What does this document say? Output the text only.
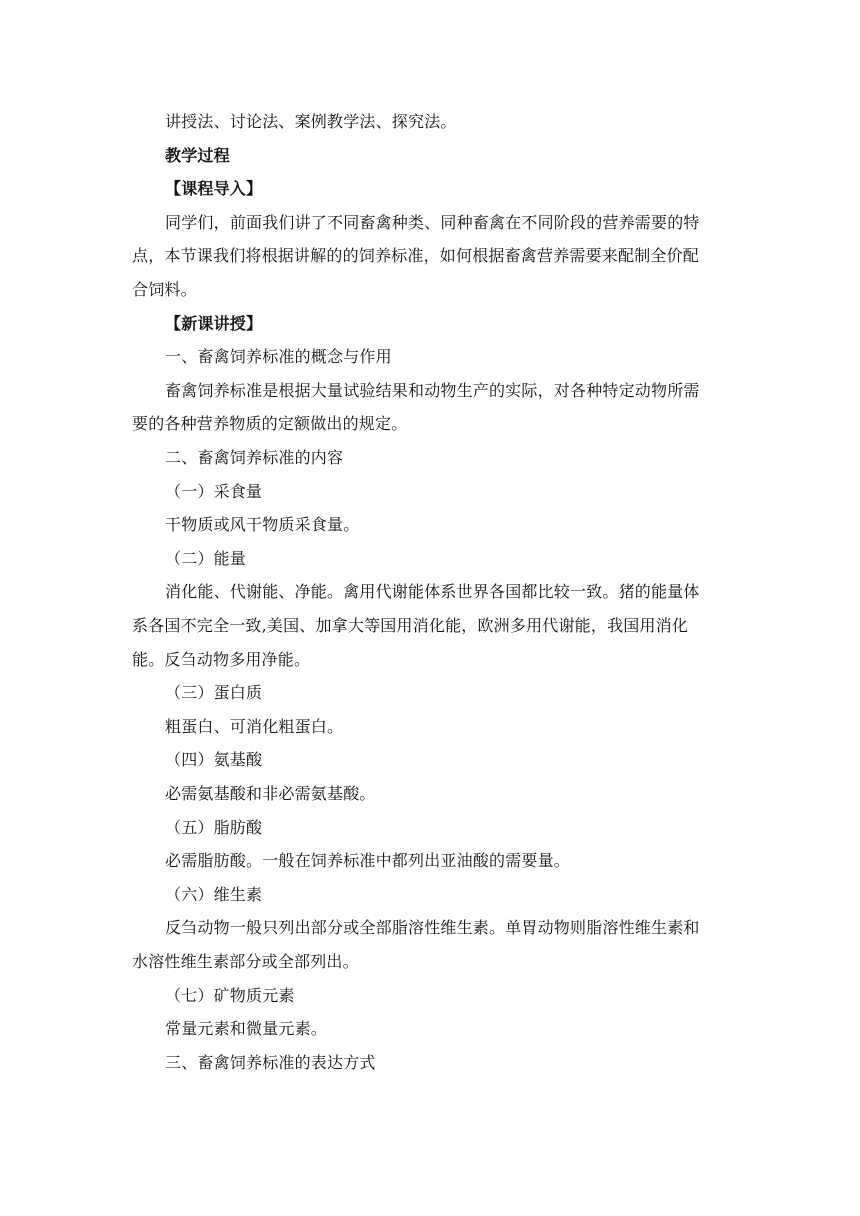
讲授法、讨论法、案例教学法、探究法。
教学过程
【课程导入】
同学们，前面我们讲了不同畜禽种类、同种畜禽在不同阶段的营养需要的特
点，本节课我们将根据讲解的的饲养标准，如何根据畜禽营养需要来配制全价配
合饲料。
【新课讲授】
一、畜禽饲养标准的概念与作用
畜禽饲养标准是根据大量试验结果和动物生产的实际，对各种特定动物所需
要的各种营养物质的定额做出的规定。
二、畜禽饲养标准的内容
（一）采食量
干物质或风干物质采食量。
（二）能量
消化能、代谢能、净能。禽用代谢能体系世界各国都比较一致。猪的能量体
系各国不完全一致,美国、加拿大等国用消化能，欧洲多用代谢能，我国用消化
能。反刍动物多用净能。
（三）蛋白质
粗蛋白、可消化粗蛋白。
（四）氨基酸
必需氨基酸和非必需氨基酸。
（五）脂肪酸
必需脂肪酸。一般在饲养标准中都列出亚油酸的需要量。
（六）维生素
反刍动物一般只列出部分或全部脂溶性维生素。单胃动物则脂溶性维生素和
水溶性维生素部分或全部列出。
（七）矿物质元素
常量元素和微量元素。
三、畜禽饲养标准的表达方式
